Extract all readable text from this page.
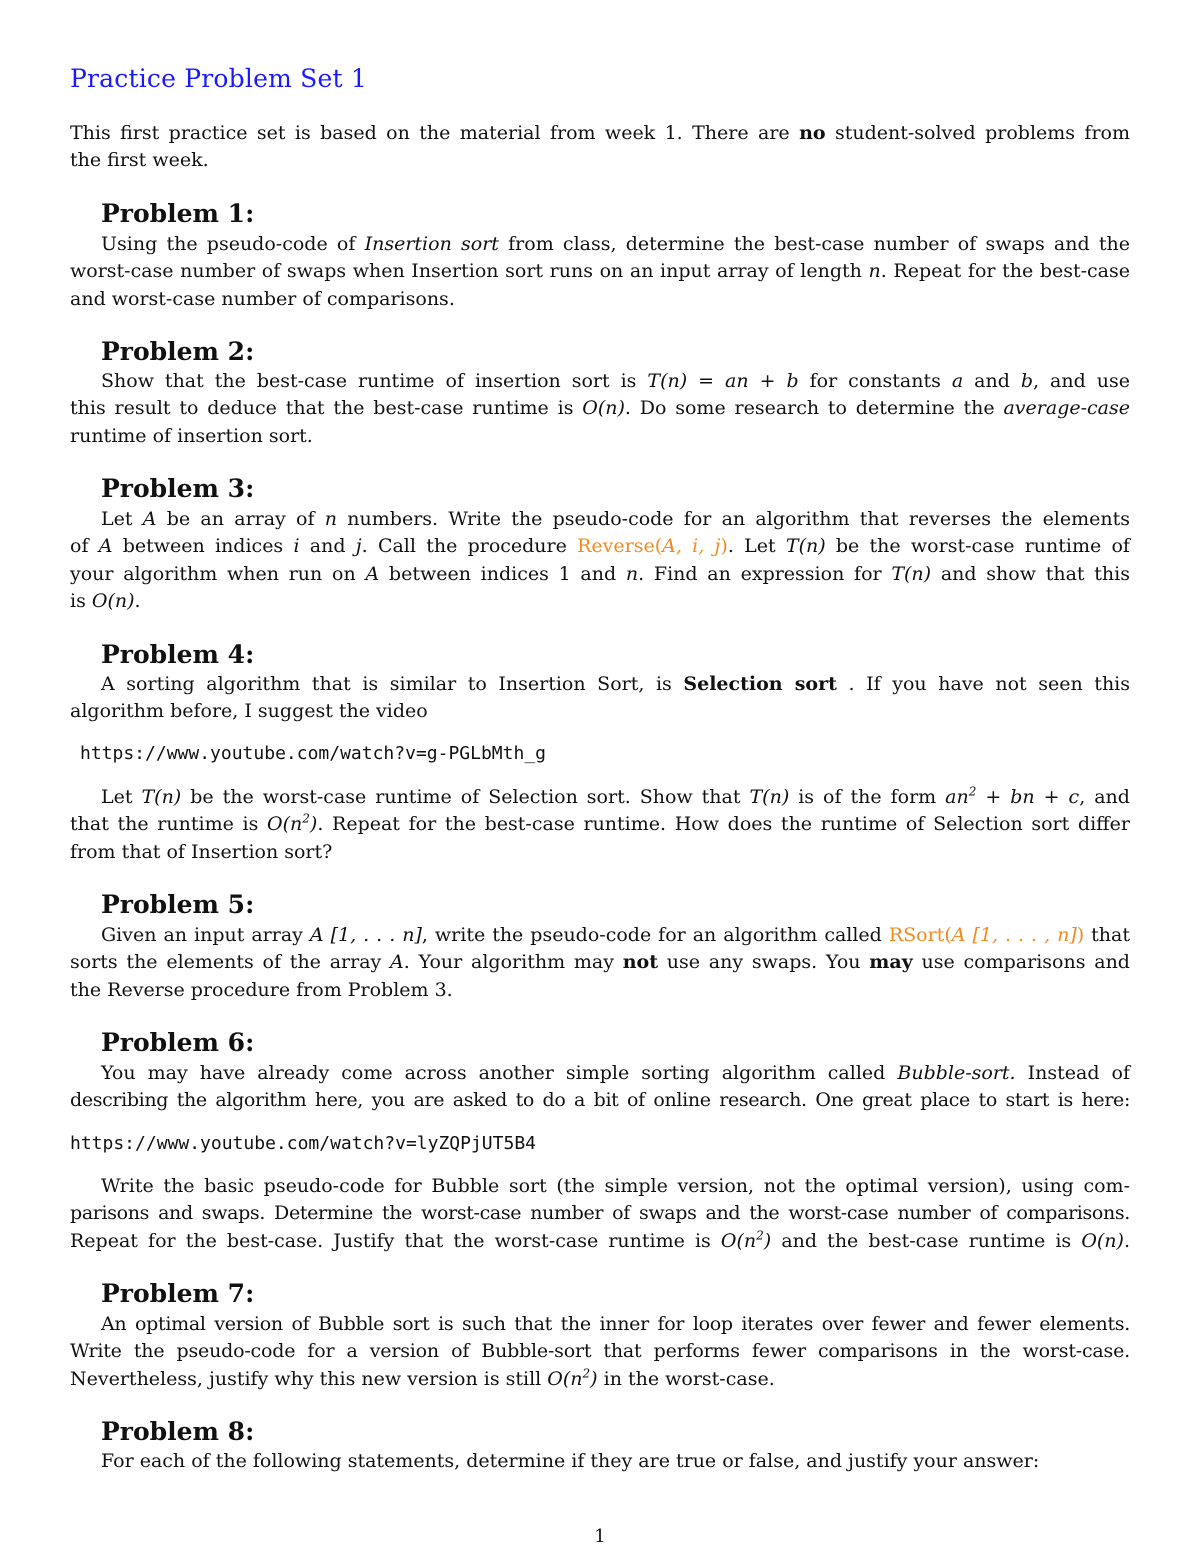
Practice Problem Set 1
This first practice set is based on the material from week 1. There are no student-solved problems from
the first week.
Problem 1:
Using the pseudo-code of Insertion sort from class, determine the best-case number of swaps and the
worst-case number of swaps when Insertion sort runs on an input array of length n. Repeat for the best-case
and worst-case number of comparisons.
Problem 2:
Show that the best-case runtime of insertion sort is T(n) = an + b for constants a and b, and use
this result to deduce that the best-case runtime is O(n). Do some research to determine the average-case
runtime of insertion sort.
Problem 3:
Let A be an array of n numbers. Write the pseudo-code for an algorithm that reverses the elements
of A between indices i and j. Call the procedure Reverse(A, i, j). Let T(n) be the worst-case runtime of
your algorithm when run on A between indices 1 and n. Find an expression for T(n) and show that this
is O(n).
Problem 4:
A sorting algorithm that is similar to Insertion Sort, is Selection sort . If you have not seen this
algorithm before, I suggest the video
https://www.youtube.com/watch?v=g-PGLbMth_g
Let T(n) be the worst-case runtime of Selection sort. Show that T(n) is of the form $an^2$ + bn + c, and
that the runtime is $O(n^2)$. Repeat for the best-case runtime. How does the runtime of Selection sort differ
from that of Insertion sort?
Problem 5:
Given an input array A [1, . . . n], write the pseudo-code for an algorithm called RSort(A [1, . . . , n]) that
sorts the elements of the array A. Your algorithm may not use any swaps. You may use comparisons and
the Reverse procedure from Problem 3.
Problem 6:
You may have already come across another simple sorting algorithm called Bubble-sort. Instead of
describing the algorithm here, you are asked to do a bit of online research. One great place to start is here:
https://www.youtube.com/watch?v=lyZQPjUT5B4
Write the basic pseudo-code for Bubble sort (the simple version, not the optimal version), using com-
parisons and swaps. Determine the worst-case number of swaps and the worst-case number of comparisons.
Repeat for the best-case. Justify that the worst-case runtime is $O(n^2)$ and the best-case runtime is O(n).
Problem 7:
An optimal version of Bubble sort is such that the inner for loop iterates over fewer and fewer elements.
Write the pseudo-code for a version of Bubble-sort that performs fewer comparisons in the worst-case.
Nevertheless, justify why this new version is still $O(n^2)$ in the worst-case.
Problem 8:
For each of the following statements, determine if they are true or false, and justify your answer:
1
